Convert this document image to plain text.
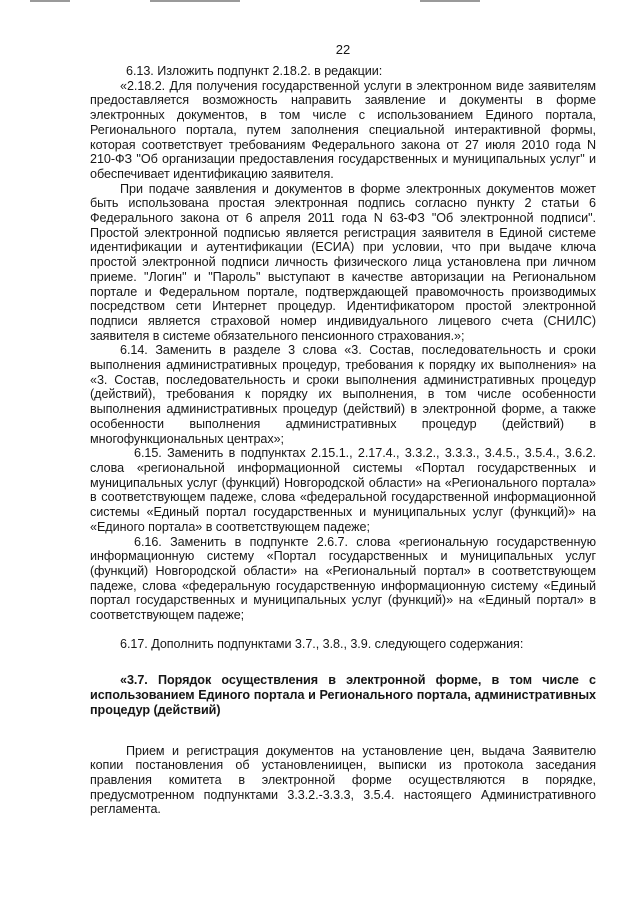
22

6.13. Изложить подпункт 2.18.2. в редакции:

«2.18.2. Для получения государственной услуги в электронном виде заявителям предоставляется возможность направить заявление и документы в форме электронных документов, в том числе с использованием Единого портала, Регионального портала, путем заполнения специальной интерактивной формы, которая соответствует требованиям Федерального закона от 27 июля 2010 года N 210-ФЗ "Об организации предоставления государственных и муниципальных услуг" и обеспечивает идентификацию заявителя.

При подаче заявления и документов в форме электронных документов может быть использована простая электронная подпись согласно пункту 2 статьи 6 Федерального закона от 6 апреля 2011 года N 63-ФЗ "Об электронной подписи". Простой электронной подписью является регистрация заявителя в Единой системе идентификации и аутентификации (ЕСИА) при условии, что при выдаче ключа простой электронной подписи личность физического лица установлена при личном приеме. "Логин" и "Пароль" выступают в качестве авторизации на Региональном портале и Федеральном портале, подтверждающей правомочность производимых посредством сети Интернет процедур. Идентификатором простой электронной подписи является страховой номер индивидуального лицевого счета (СНИЛС) заявителя в системе обязательного пенсионного страхования.»;

6.14. Заменить в разделе 3 слова «3. Состав, последовательность и сроки выполнения административных процедур, требования к порядку их выполнения» на «3. Состав, последовательность и сроки выполнения административных процедур (действий), требования к порядку их выполнения, в том числе особенности выполнения административных процедур (действий) в электронной форме, а также особенности выполнения административных процедур (действий) в многофункциональных центрах»;

6.15. Заменить в подпунктах 2.15.1., 2.17.4., 3.3.2., 3.3.3., 3.4.5., 3.5.4., 3.6.2. слова «региональной информационной системы «Портал государственных и муниципальных услуг (функций) Новгородской области» на «Регионального портала» в соответствующем падеже, слова «федеральной государственной информационной системы «Единый портал государственных и муниципальных услуг (функций)» на «Единого портала» в соответствующем падеже;

6.16. Заменить в подпункте 2.6.7. слова «региональную государственную информационную систему «Портал государственных и муниципальных услуг (функций) Новгородской области» на «Региональный портал» в соответствующем падеже, слова «федеральную государственную информационную систему «Единый портал государственных и муниципальных услуг (функций)» на «Единый портал» в соответствующем падеже;

6.17. Дополнить подпунктами 3.7., 3.8., 3.9. следующего содержания:

«3.7. Порядок осуществления в электронной форме, в том числе с использованием Единого портала и Регионального портала, административных процедур (действий)

Прием и регистрация документов на установление цен, выдача Заявителю копии постановления об установлениицен, выписки из протокола заседания правления комитета в электронной форме осуществляются в порядке, предусмотренном подпунктами 3.3.2.-3.3.3, 3.5.4. настоящего Административного регламента.
